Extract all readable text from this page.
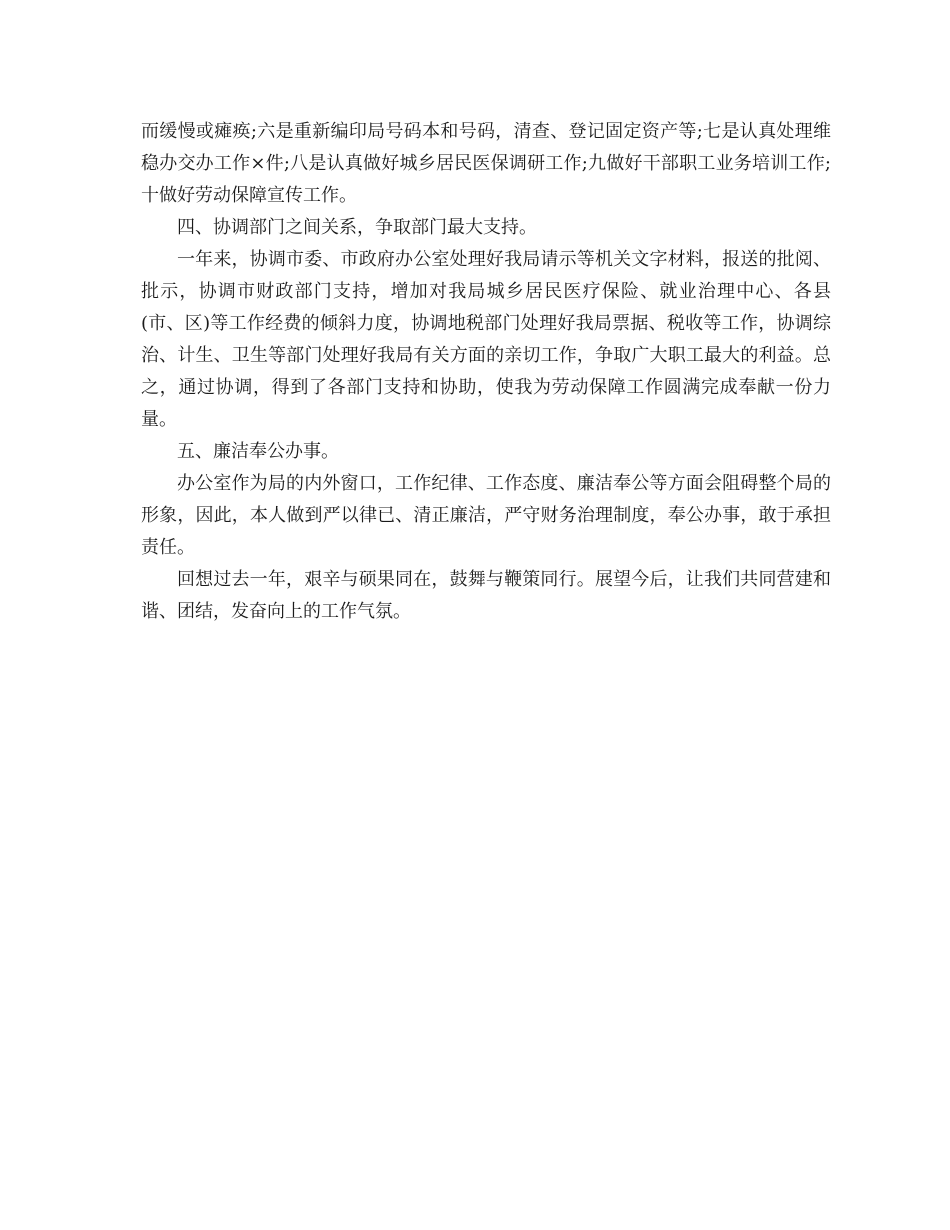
而缓慢或瘫痪;六是重新编印局号码本和号码，清查、登记固定资产等;七是认真处理维稳办交办工作×件;八是认真做好城乡居民医保调研工作;九做好干部职工业务培训工作;十做好劳动保障宣传工作。

四、协调部门之间关系，争取部门最大支持。

一年来，协调市委、市政府办公室处理好我局请示等机关文字材料，报送的批阅、批示，协调市财政部门支持，增加对我局城乡居民医疗保险、就业治理中心、各县(市、区)等工作经费的倾斜力度，协调地税部门处理好我局票据、税收等工作，协调综治、计生、卫生等部门处理好我局有关方面的亲切工作，争取广大职工最大的利益。总之，通过协调，得到了各部门支持和协助，使我为劳动保障工作圆满完成奉献一份力量。

五、廉洁奉公办事。

办公室作为局的内外窗口，工作纪律、工作态度、廉洁奉公等方面会阻碍整个局的形象，因此，本人做到严以律已、清正廉洁，严守财务治理制度，奉公办事，敢于承担责任。

回想过去一年，艰辛与硕果同在，鼓舞与鞭策同行。展望今后，让我们共同营建和谐、团结，发奋向上的工作气氛。
